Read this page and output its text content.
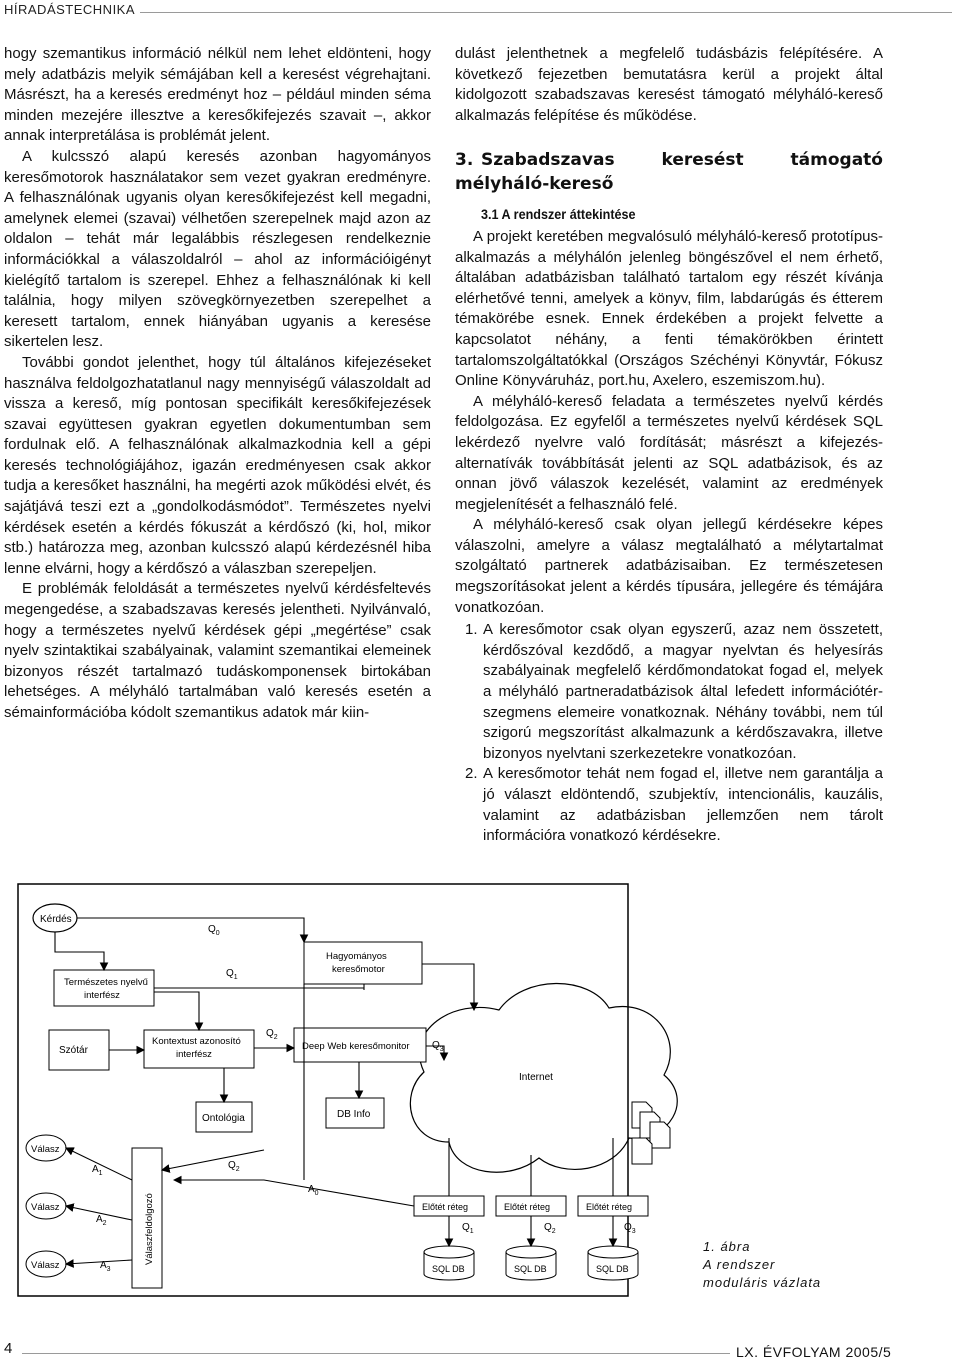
HÍRADÁSTECHNIKA

hogy szemantikus információ nélkül nem lehet eldönteni, hogy mely adatbázis melyik sémájában kell a keresést végrehajtani. Másrészt, ha a keresés eredményt hoz – például minden séma minden mezejére illesztve a keresőkifejezés szavait –, akkor annak interpretálása is problémát jelent.

A kulcsszó alapú keresés azonban hagyományos keresőmotorok használatakor sem vezet gyakran eredményre. A felhasználónak ugyanis olyan keresőkifejezést kell megadni, amelynek elemei (szavai) vélhetően szerepelnek majd azon az oldalon – tehát már legalábbis részlegesen rendelkeznie információkkal a válaszoldalról – ahol az információigényt kielégítő tartalom is szerepel. Ehhez a felhasználónak ki kell találnia, hogy milyen szövegkörnyezetben szerepelhet a keresett tartalom, ennek hiányában ugyanis a keresése sikertelen lesz.

További gondot jelenthet, hogy túl általános kifejezéseket használva feldolgozhatatlanul nagy mennyiségű válaszoldalt ad vissza a kereső, míg pontosan specifikált keresőkifejezések szavai együttesen gyakran egyetlen dokumentumban sem fordulnak elő. A felhasználónak alkalmazkodnia kell a gépi keresés technológiájához, igazán eredményesen csak akkor tudja a keresőket használni, ha megérti azok működési elvét, és sajátjává teszi ezt a „gondolkodásmódot”. Természetes nyelvi kérdések esetén a kérdés fókuszát a kérdőszó (ki, hol, mikor stb.) határozza meg, azonban kulcsszó alapú kérdezésnél hiba lenne elvárni, hogy a kérdőszó a válaszban szerepeljen.

E problémák feloldását a természetes nyelvű kérdésfeltevés megengedése, a szabadszavas keresés jelentheti. Nyilvánvaló, hogy a természetes nyelvű kérdések gépi „megértése” csak nyelv szintaktikai szabályainak, valamint szemantikai elemeinek bizonyos részét tartalmazó tudáskomponensek birtokában lehetséges. A mélyháló tartalmában való keresés esetén a sémainformációba kódolt szemantikus adatok már kiin-

dulást jelenthetnek a megfelelő tudásbázis felépítésére. A következő fejezetben bemutatásra kerül a projekt által kidolgozott szabadszavas keresést támogató mélyháló-kereső alkalmazás felépítése és működése.

3. Szabadszavas keresést támogató mélyháló-kereső
3.1 A rendszer áttekintése

A projekt keretében megvalósuló mélyháló-kereső prototípus-alkalmazás a mélyhálón jelenleg böngészővel el nem érhető, általában adatbázisban található tartalom egy részét kívánja elérhetővé tenni, amelyek a könyv, film, labdarúgás és étterem témakörébe esnek. Ennek érdekében a projekt felvette a kapcsolatot néhány, a fenti témakörökben érintett tartalomszolgáltatókkal (Országos Széchényi Könyvtár, Fókusz Online Könyváruház, port.hu, Axelero, eszemiszom.hu).

A mélyháló-kereső feladata a természetes nyelvű kérdés feldolgozása. Ez egyfelől a természetes nyelvű kérdések SQL lekérdező nyelvre való fordítását; másrészt a kifejezés-alternatívák továbbítását jelenti az SQL adatbázisok, és az onnan jövő válaszok kezelését, valamint az eredmények megjelenítését a felhasználó felé.

A mélyháló-kereső csak olyan jellegű kérdésekre képes válaszolni, amelyre a válasz megtalálható a mélytartalmat szolgáltató partnerek adatbázisaiban. Ez természetesen megszorításokat jelent a kérdés típusára, jellegére és témájára vonatkozóan.

1. A keresőmotor csak olyan egyszerű, azaz nem összetett, kérdőszóval kezdődő, a magyar nyelvtan és helyesírás szabályainak megfelelő kérdőmondatokat fogad el, melyek a mélyháló partneradatbázisok által lefedett információtér-szegmens elemeire vonatkoznak. Néhány további, nem túl szigorú megszorítást alkalmazunk a kérdőszavakra, illetve bizonyos nyelvtani szerkezetekre vonatkozóan.
2. A keresőmotor tehát nem fogad el, illetve nem garantálja a jó választ eldöntendő, szubjektív, intencionális, kauzális, valamint az adatbázisban jellemzően nem tárolt információra vonatkozó kérdésekre.
Internet
Kérdés
Természetes nyelvű
interfész
Szótár
Kontextust azonosító
interfész
Ontológia
Hagyományos
keresőmotor
Deep Web keresőmonitor
DB Info
Válasz
Válasz
Válasz
Válaszfeldolgozó	Előtét réteg	Előtét réteg	Előtét réteg
SQL DB	SQL DB	SQL DB
$Q_0$
$Q_1$
$Q_2$
$Q_3$
$Q_2$
$A_0$
$A_1$
$A_2$
$A_3$
$Q_1$	$Q_2$	$Q_3$
1. ábra
A rendszer
moduláris vázlata
4	LX. ÉVFOLYAM 2005/5
